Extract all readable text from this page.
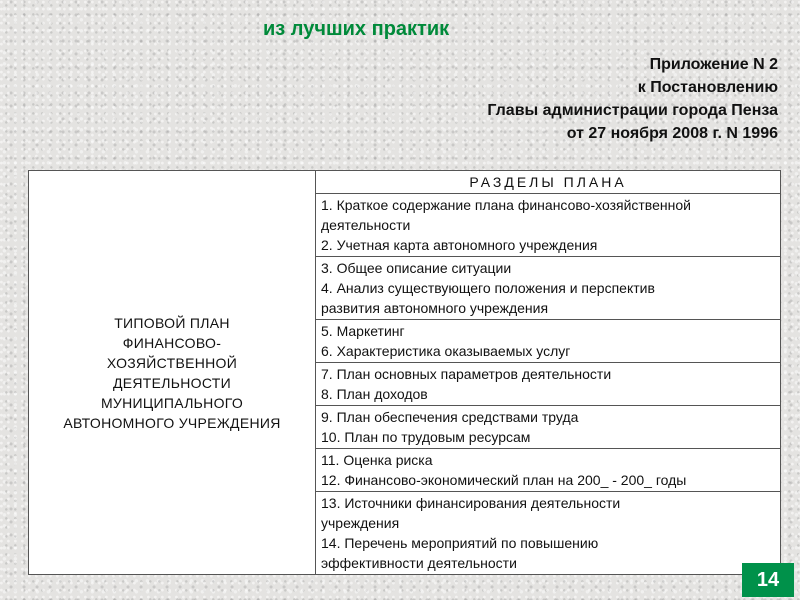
из лучших практик
Приложение N 2
к Постановлению
Главы администрации города Пенза
от 27 ноября 2008 г. N 1996
ТИПОВОЙ ПЛАН
ФИНАНСОВО-
ХОЗЯЙСТВЕННОЙ
ДЕЯТЕЛЬНОСТИ
МУНИЦИПАЛЬНОГО
АВТОНОМНОГО УЧРЕЖДЕНИЯ
	РАЗДЕЛЫ ПЛАНА

1. Краткое содержание плана финансово-хозяйственной
деятельности
2. Учетная карта автономного учреждения

3. Общее описание ситуации
4. Анализ существующего положения и перспектив
развития автономного учреждения

5. Маркетинг
6. Характеристика оказываемых услуг

7. План основных параметров деятельности
8. План доходов

9. План обеспечения средствами труда
10. План по трудовым ресурсам

11. Оценка риска
12. Финансово-экономический план на 200_ - 200_ годы

13. Источники финансирования деятельности
учреждения
14. Перечень мероприятий по повышению
эффективности деятельности
14
